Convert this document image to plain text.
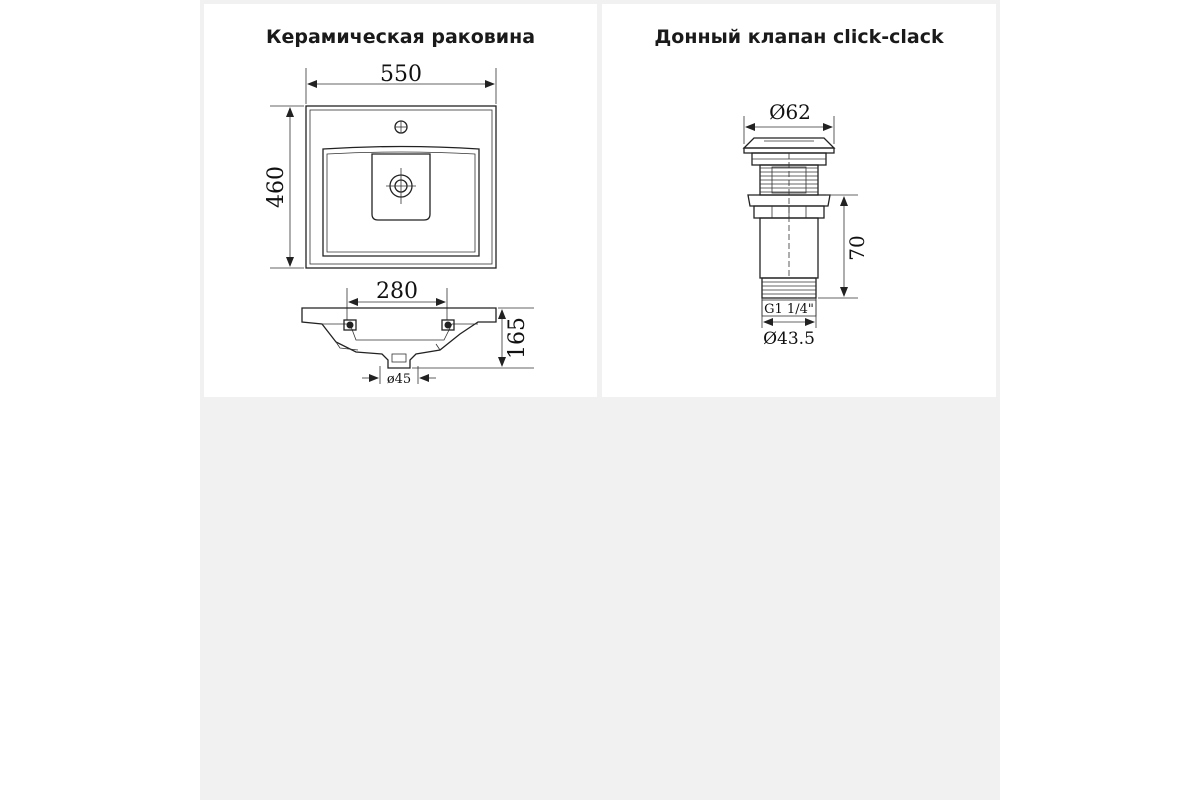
Керамическая раковина
550
460
280
165
ø45
Донный клапан click-clack
Ø62
70
G1 1/4"
Ø43.5
